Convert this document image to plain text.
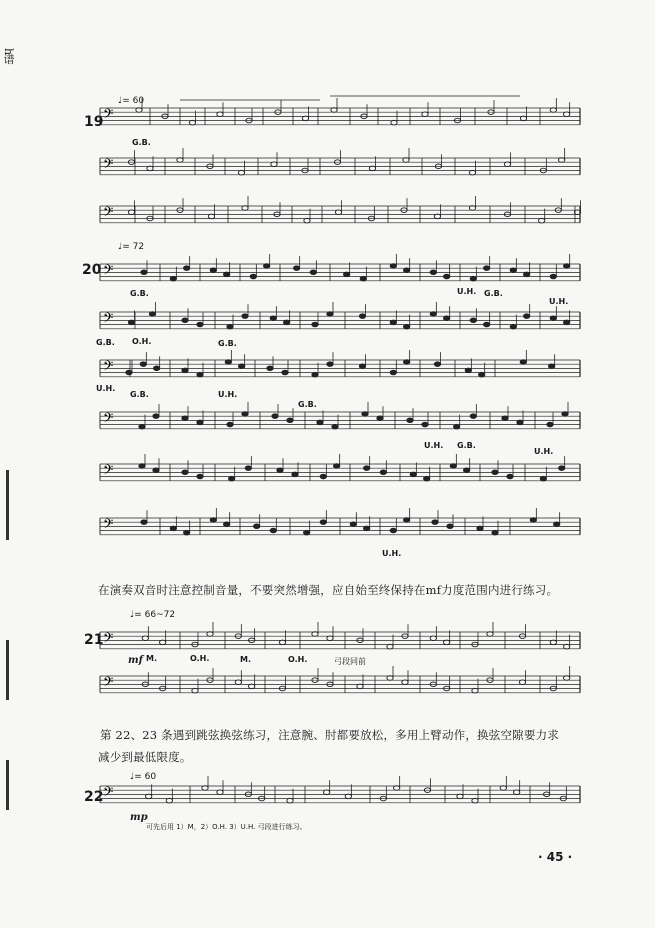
𝄢
𝄢
𝄢
𝄢
𝄢
𝄢
𝄢
𝄢
𝄢
𝄢
𝄢
𝄢
h谱
19
♩= 60
G.B.
20
♩= 72
G.B.	U.H. G.B.
U.H.
G.B. O.H.	G.B.
U.H.
G.B.	U.H.
G.B.
U.H. G.B.
U.H.
U.H.
在演奏双音时注意控制音量，不要突然增强，应自始至终保持在mf力度范围内进行练习。
21
♩= 66~72
mf M.	O.H.	M.	O.H.	弓段同前
第 22、23 条遇到跳弦换弦练习，注意腕、肘都要放松，多用上臂动作，换弦空隙要力求
减少到最低限度。
22
♩= 60
mp
可先后用 1）M，2）O.H. 3）U.H. 弓段进行练习。
· 45 ·
